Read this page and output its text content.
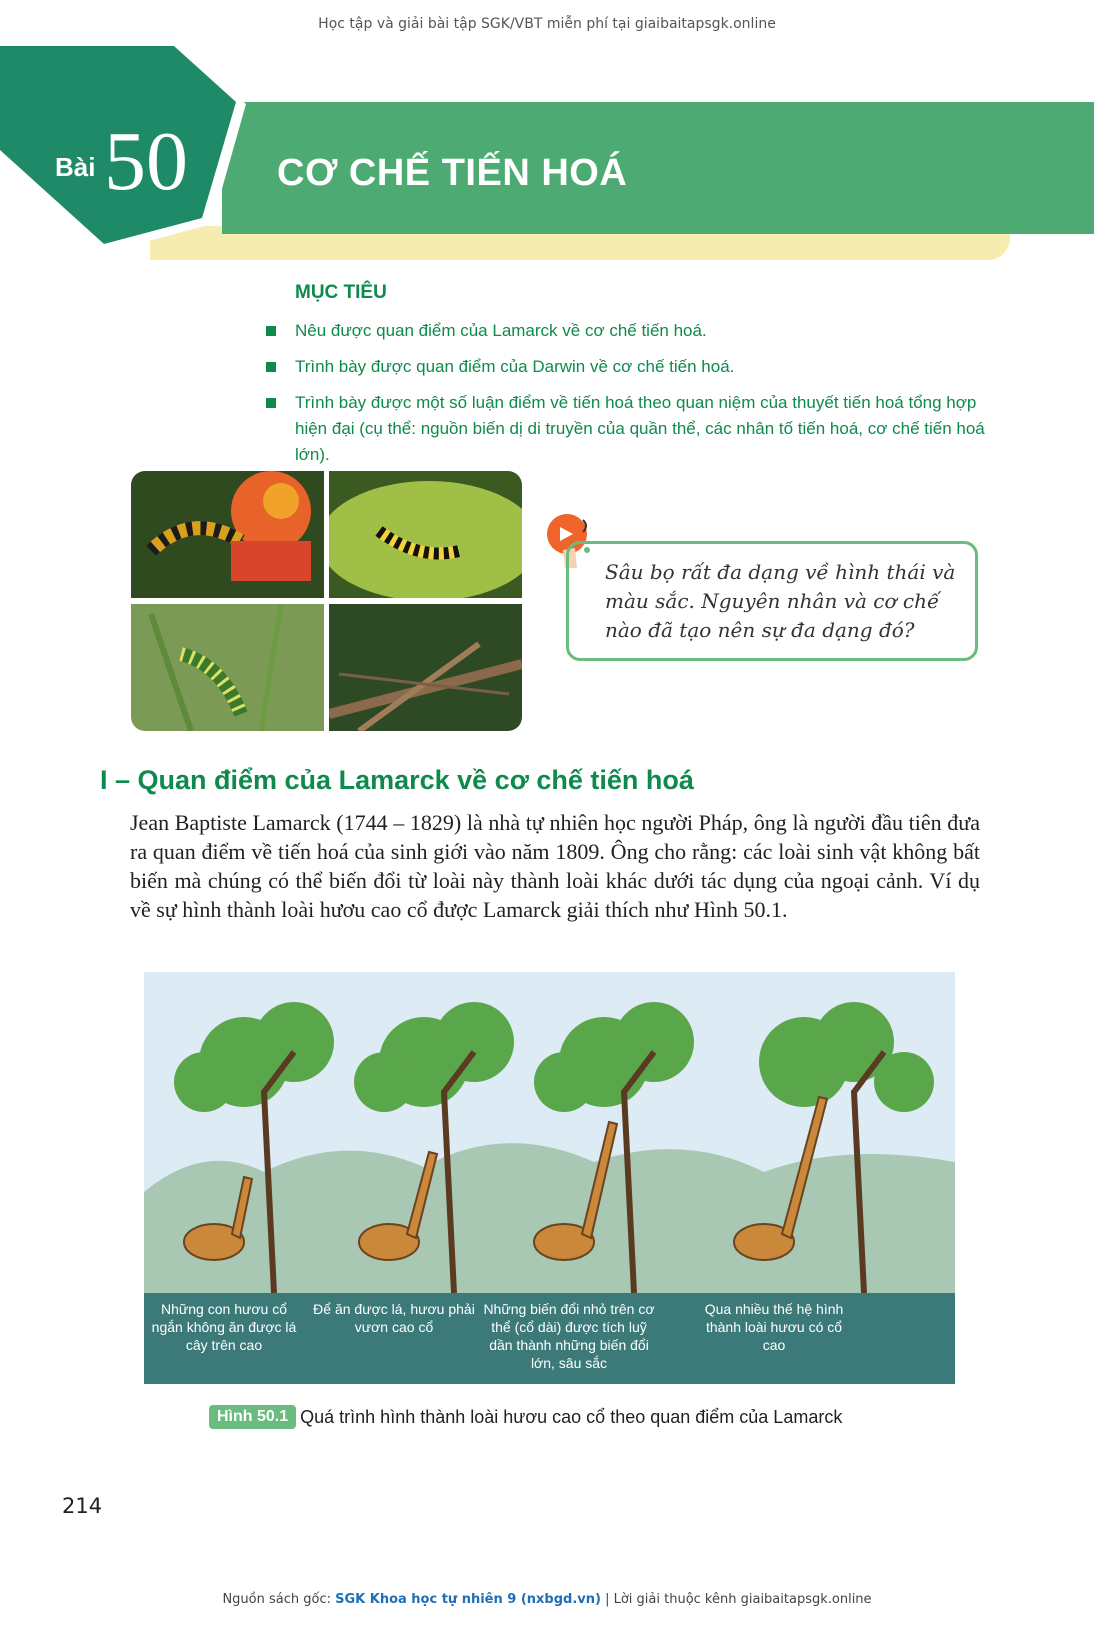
Học tập và giải bài tập SGK/VBT miễn phí tại giaibaitapsgk.online
Bài 50 CƠ CHẾ TIẾN HOÁ
MỤC TIÊU
Nêu được quan điểm của Lamarck về cơ chế tiến hoá.
Trình bày được quan điểm của Darwin về cơ chế tiến hoá.
Trình bày được một số luận điểm về tiến hoá theo quan niệm của thuyết tiến hoá tổng hợp hiện đại (cụ thể: nguồn biến dị di truyền của quần thể, các nhân tố tiến hoá, cơ chế tiến hoá lớn).
Sâu bọ rất đa dạng về hình thái và màu sắc. Nguyên nhân và cơ chế nào đã tạo nên sự đa dạng đó?
I – Quan điểm của Lamarck về cơ chế tiến hoá
Jean Baptiste Lamarck (1744 – 1829) là nhà tự nhiên học người Pháp, ông là người đầu tiên đưa ra quan điểm về tiến hoá của sinh giới vào năm 1809. Ông cho rằng: các loài sinh vật không bất biến mà chúng có thể biến đổi từ loài này thành loài khác dưới tác dụng của ngoại cảnh. Ví dụ về sự hình thành loài hươu cao cổ được Lamarck giải thích như Hình 50.1.
Những con hươu cổ ngắn không ăn được lá cây trên cao
Để ăn được lá, hươu phải vươn cao cổ
Những biến đổi nhỏ trên cơ thể (cổ dài) được tích luỹ dần thành những biến đổi lớn, sâu sắc
Qua nhiều thế hệ hình thành loài hươu có cổ cao
Hình 50.1 Quá trình hình thành loài hươu cao cổ theo quan điểm của Lamarck
214
Nguồn sách gốc: SGK Khoa học tự nhiên 9 (nxbgd.vn) | Lời giải thuộc kênh giaibaitapsgk.online
